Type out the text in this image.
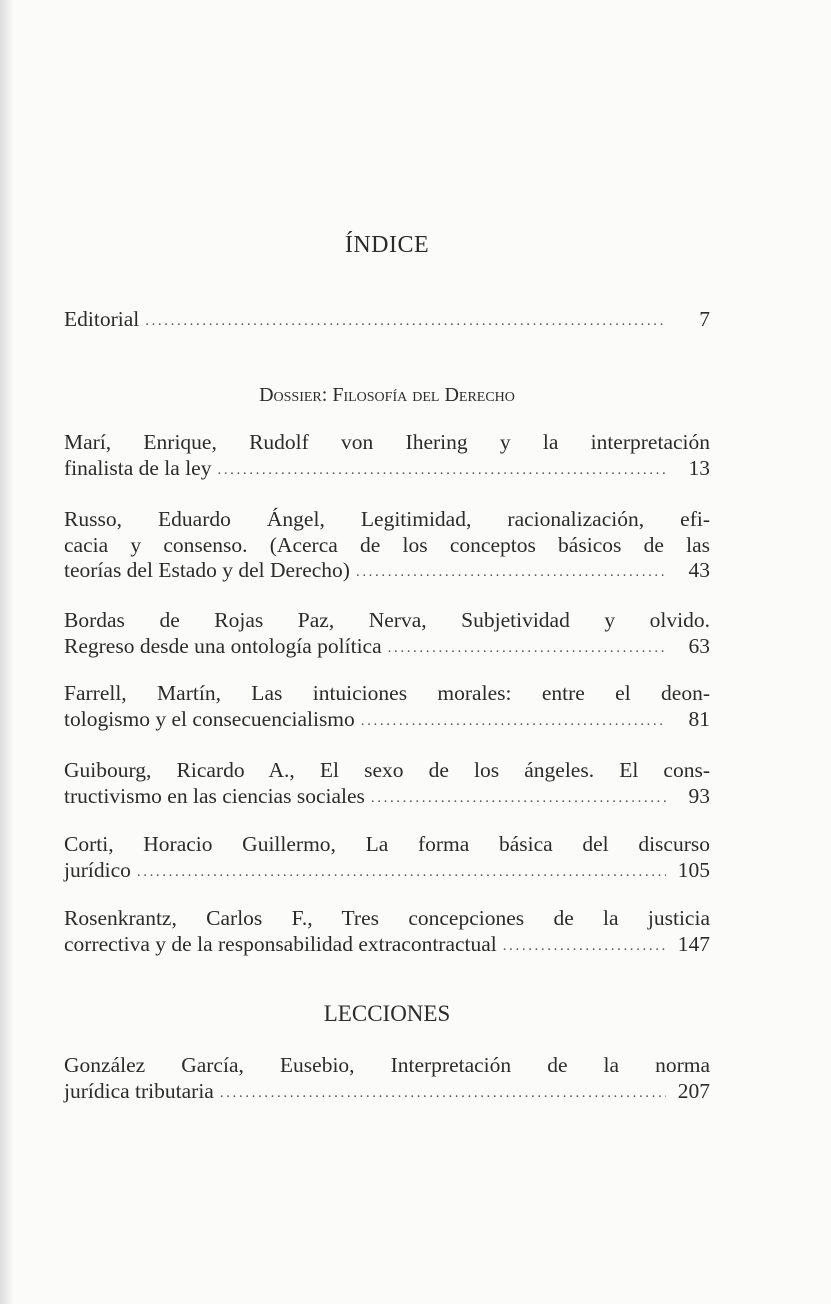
ÍNDICE
Editorial .....	7
Dossier: Filosofía del Derecho
Marí, Enrique, Rudolf von Ihering y la interpretación
finalista de la ley .....	13
Russo, Eduardo Ángel, Legitimidad, racionalización, efi-
cacia y consenso. (Acerca de los conceptos básicos de las
teorías del Estado y del Derecho) .....	43
Bordas de Rojas Paz, Nerva, Subjetividad y olvido.
Regreso desde una ontología política .....	63
Farrell, Martín, Las intuiciones morales: entre el deon-
tologismo y el consecuencialismo .....	81
Guibourg, Ricardo A., El sexo de los ángeles. El cons-
tructivismo en las ciencias sociales .....	93
Corti, Horacio Guillermo, La forma básica del discurso
jurídico .....	105
Rosenkrantz, Carlos F., Tres concepciones de la justicia
correctiva y de la responsabilidad extracontractual .....	147
LECCIONES
González García, Eusebio, Interpretación de la norma
jurídica tributaria .....	207
